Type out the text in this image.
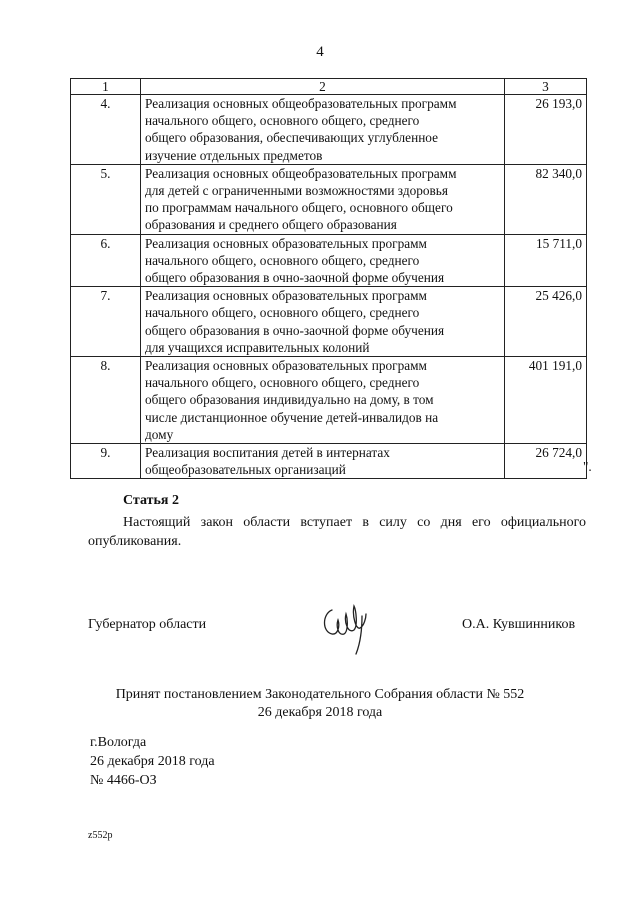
4
1	2	3
4.	Реализация основных общеобразовательных программ
начального общего, основного общего, среднего
общего образования, обеспечивающих углубленное
изучение отдельных предметов	26 193,0
5.	Реализация основных общеобразовательных программ
для детей с ограниченными возможностями здоровья
по программам начального общего, основного общего
образования и среднего общего образования	82 340,0
6.	Реализация основных образовательных программ
начального общего, основного общего, среднего
общего образования в очно-заочной форме обучения	15 711,0
7.	Реализация основных образовательных программ
начального общего, основного общего, среднего
общего образования в очно-заочной форме обучения
для учащихся исправительных колоний	25 426,0
8.	Реализация основных образовательных программ
начального общего, основного общего, среднего
общего образования индивидуально на дому, в том
числе дистанционное обучение детей-инвалидов на
дому	401 191,0
9.	Реализация воспитания детей в интернатах
общеобразовательных организаций	26 724,0
".
Статья 2
Настоящий закон области вступает в силу со дня его официального опубликования.
Губернатор области	О.А. Кувшинников
Принят постановлением Законодательного Собрания области № 552
26 декабря 2018 года
г.Вологда
26 декабря 2018 года
№ 4466-ОЗ
z552p
